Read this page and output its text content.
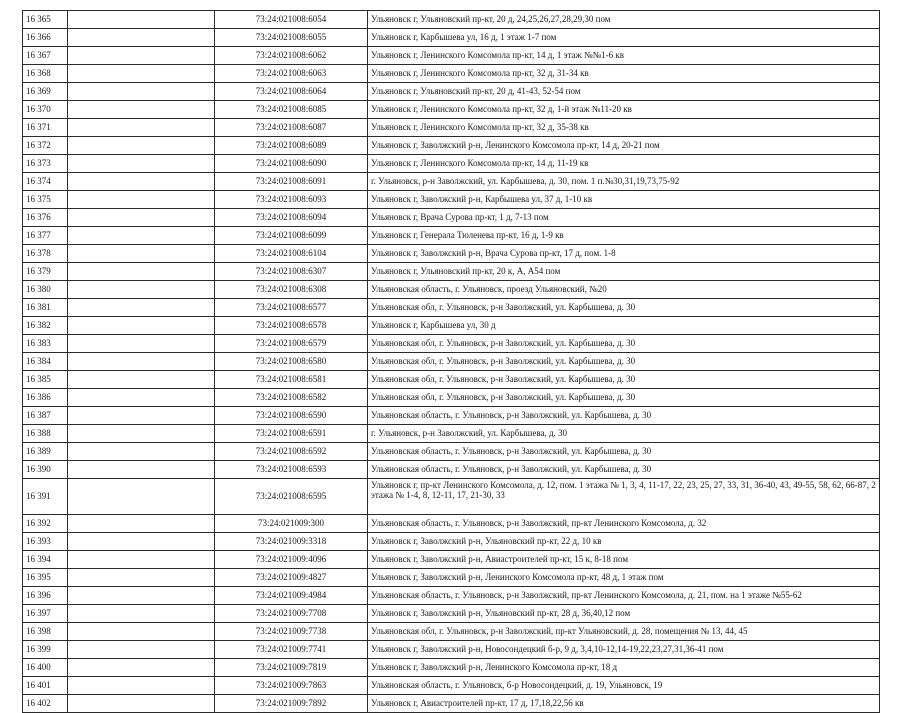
16 365		73:24:021008:6054	Ульяновск г, Ульяновский пр-кт, 20 д, 24,25,26,27,28,29,30 пом
16 366		73:24:021008:6055	Ульяновск г, Карбышева ул, 16 д, 1 этаж 1-7 пом
16 367		73:24:021008:6062	Ульяновск г, Ленинского Комсомола пр-кт, 14 д, 1 этаж №№1-6 кв
16 368		73:24:021008:6063	Ульяновск г, Ленинского Комсомола пр-кт, 32 д, 31-34 кв
16 369		73:24:021008:6064	Ульяновск г, Ульяновский пр-кт, 20 д, 41-43, 52-54 пом
16 370		73:24:021008:6085	Ульяновск г, Ленинского Комсомола пр-кт, 32 д, 1-й этаж №11-20 кв
16 371		73:24:021008:6087	Ульяновск г, Ленинского Комсомола пр-кт, 32 д, 35-38 кв
16 372		73:24:021008:6089	Ульяновск г, Заволжский р-н, Ленинского Комсомола пр-кт, 14 д, 20-21 пом
16 373		73:24:021008:6090	Ульяновск г, Ленинского Комсомола пр-кт, 14 д, 11-19 кв
16 374		73:24:021008:6091	г. Ульяновск, р-н Заволжский, ул. Карбышева, д. 30, пом. 1 п.№30,31,19,73,75-92
16 375		73:24:021008:6093	Ульяновск г, Заволжский р-н, Карбышева ул, 37 д, 1-10 кв
16 376		73:24:021008:6094	Ульяновск г, Врача Сурова пр-кт, 1 д, 7-13 пом
16 377		73:24:021008:6099	Ульяновск г, Генерала Тюленева пр-кт, 16 д, 1-9 кв
16 378		73:24:021008:6104	Ульяновск г, Заволжский р-н, Врача Сурова пр-кт, 17 д, пом. 1-8
16 379		73:24:021008:6307	Ульяновск г, Ульяновский пр-кт, 20 к, А, А54 пом
16 380		73:24:021008:6308	Ульяновская область, г. Ульяновск, проезд Ульяновский, №20
16 381		73:24:021008:6577	Ульяновская обл, г. Ульяновск, р-н Заволжский, ул. Карбышева, д. 30
16 382		73:24:021008:6578	Ульяновск г, Карбышева ул, 30 д
16 383		73:24:021008:6579	Ульяновская обл, г. Ульяновск, р-н Заволжский, ул. Карбышева, д. 30
16 384		73:24:021008:6580	Ульяновская обл, г. Ульяновск, р-н Заволжский, ул. Карбышева, д. 30
16 385		73:24:021008:6581	Ульяновская обл, г. Ульяновск, р-н Заволжский, ул. Карбышева, д. 30
16 386		73:24:021008:6582	Ульяновская обл, г. Ульяновск, р-н Заволжский, ул. Карбышева, д. 30
16 387		73:24:021008:6590	Ульяновская область, г. Ульяновск, р-н Заволжский, ул. Карбышева, д. 30
16 388		73:24:021008:6591	г. Ульяновск, р-н Заволжский, ул. Карбышева, д. 30
16 389		73:24:021008:6592	Ульяновская область, г. Ульяновск, р-н Заволжский, ул. Карбышева, д. 30
16 390		73:24:021008:6593	Ульяновская область, г. Ульяновск, р-н Заволжский, ул. Карбышева, д. 30
16 391		73:24:021008:6595	Ульяновск г, пр-кт Ленинского Комсомола, д. 12, пом. 1 этажа № 1, 3, 4, 11-17, 22, 23, 25, 27, 33, 31, 36-40, 43, 49-55, 58, 62, 66-87, 2 этажа № 1-4, 8, 12-11, 17, 21-30, 33
16 392		73:24:021009:300	Ульяновская область, г. Ульяновск, р-н Заволжский, пр-кт Ленинского Комсомола, д. 32
16 393		73:24:021009:3318	Ульяновск г, Заволжский р-н, Ульяновский пр-кт, 22 д, 10 кв
16 394		73:24:021009:4096	Ульяновск г, Заволжский р-н, Авиастроителей пр-кт, 15 к, 8-18 пом
16 395		73:24:021009:4827	Ульяновск г, Заволжский р-н, Ленинского Комсомола пр-кт, 48 д, 1 этаж пом
16 396		73:24:021009:4984	Ульяновская область, г. Ульяновск, р-н Заволжский, пр-кт Ленинского Комсомола, д. 21, пом. на 1 этаже №55-62
16 397		73:24:021009:7708	Ульяновск г, Заволжский р-н, Ульяновский пр-кт, 28 д, 36,40,12 пом
16 398		73:24:021009:7738	Ульяновская обл, г. Ульяновск, р-н Заволжский, пр-кт Ульяновский, д. 28, помещения № 13, 44, 45
16 399		73:24:021009:7741	Ульяновск г, Заволжский р-н, Новосондецкий б-р, 9 д, 3,4,10-12,14-19,22,23,27,31,36-41 пом
16 400		73:24:021009:7819	Ульяновск г, Заволжский р-н, Ленинского Комсомола пр-кт, 18 д
16 401		73:24:021009:7863	Ульяновская область, г. Ульяновск, б-р Новосондецкий, д. 19, Ульяновск, 19
16 402		73:24:021009:7892	Ульяновск г, Авиастроителей пр-кт, 17 д, 17,18,22,56 кв
